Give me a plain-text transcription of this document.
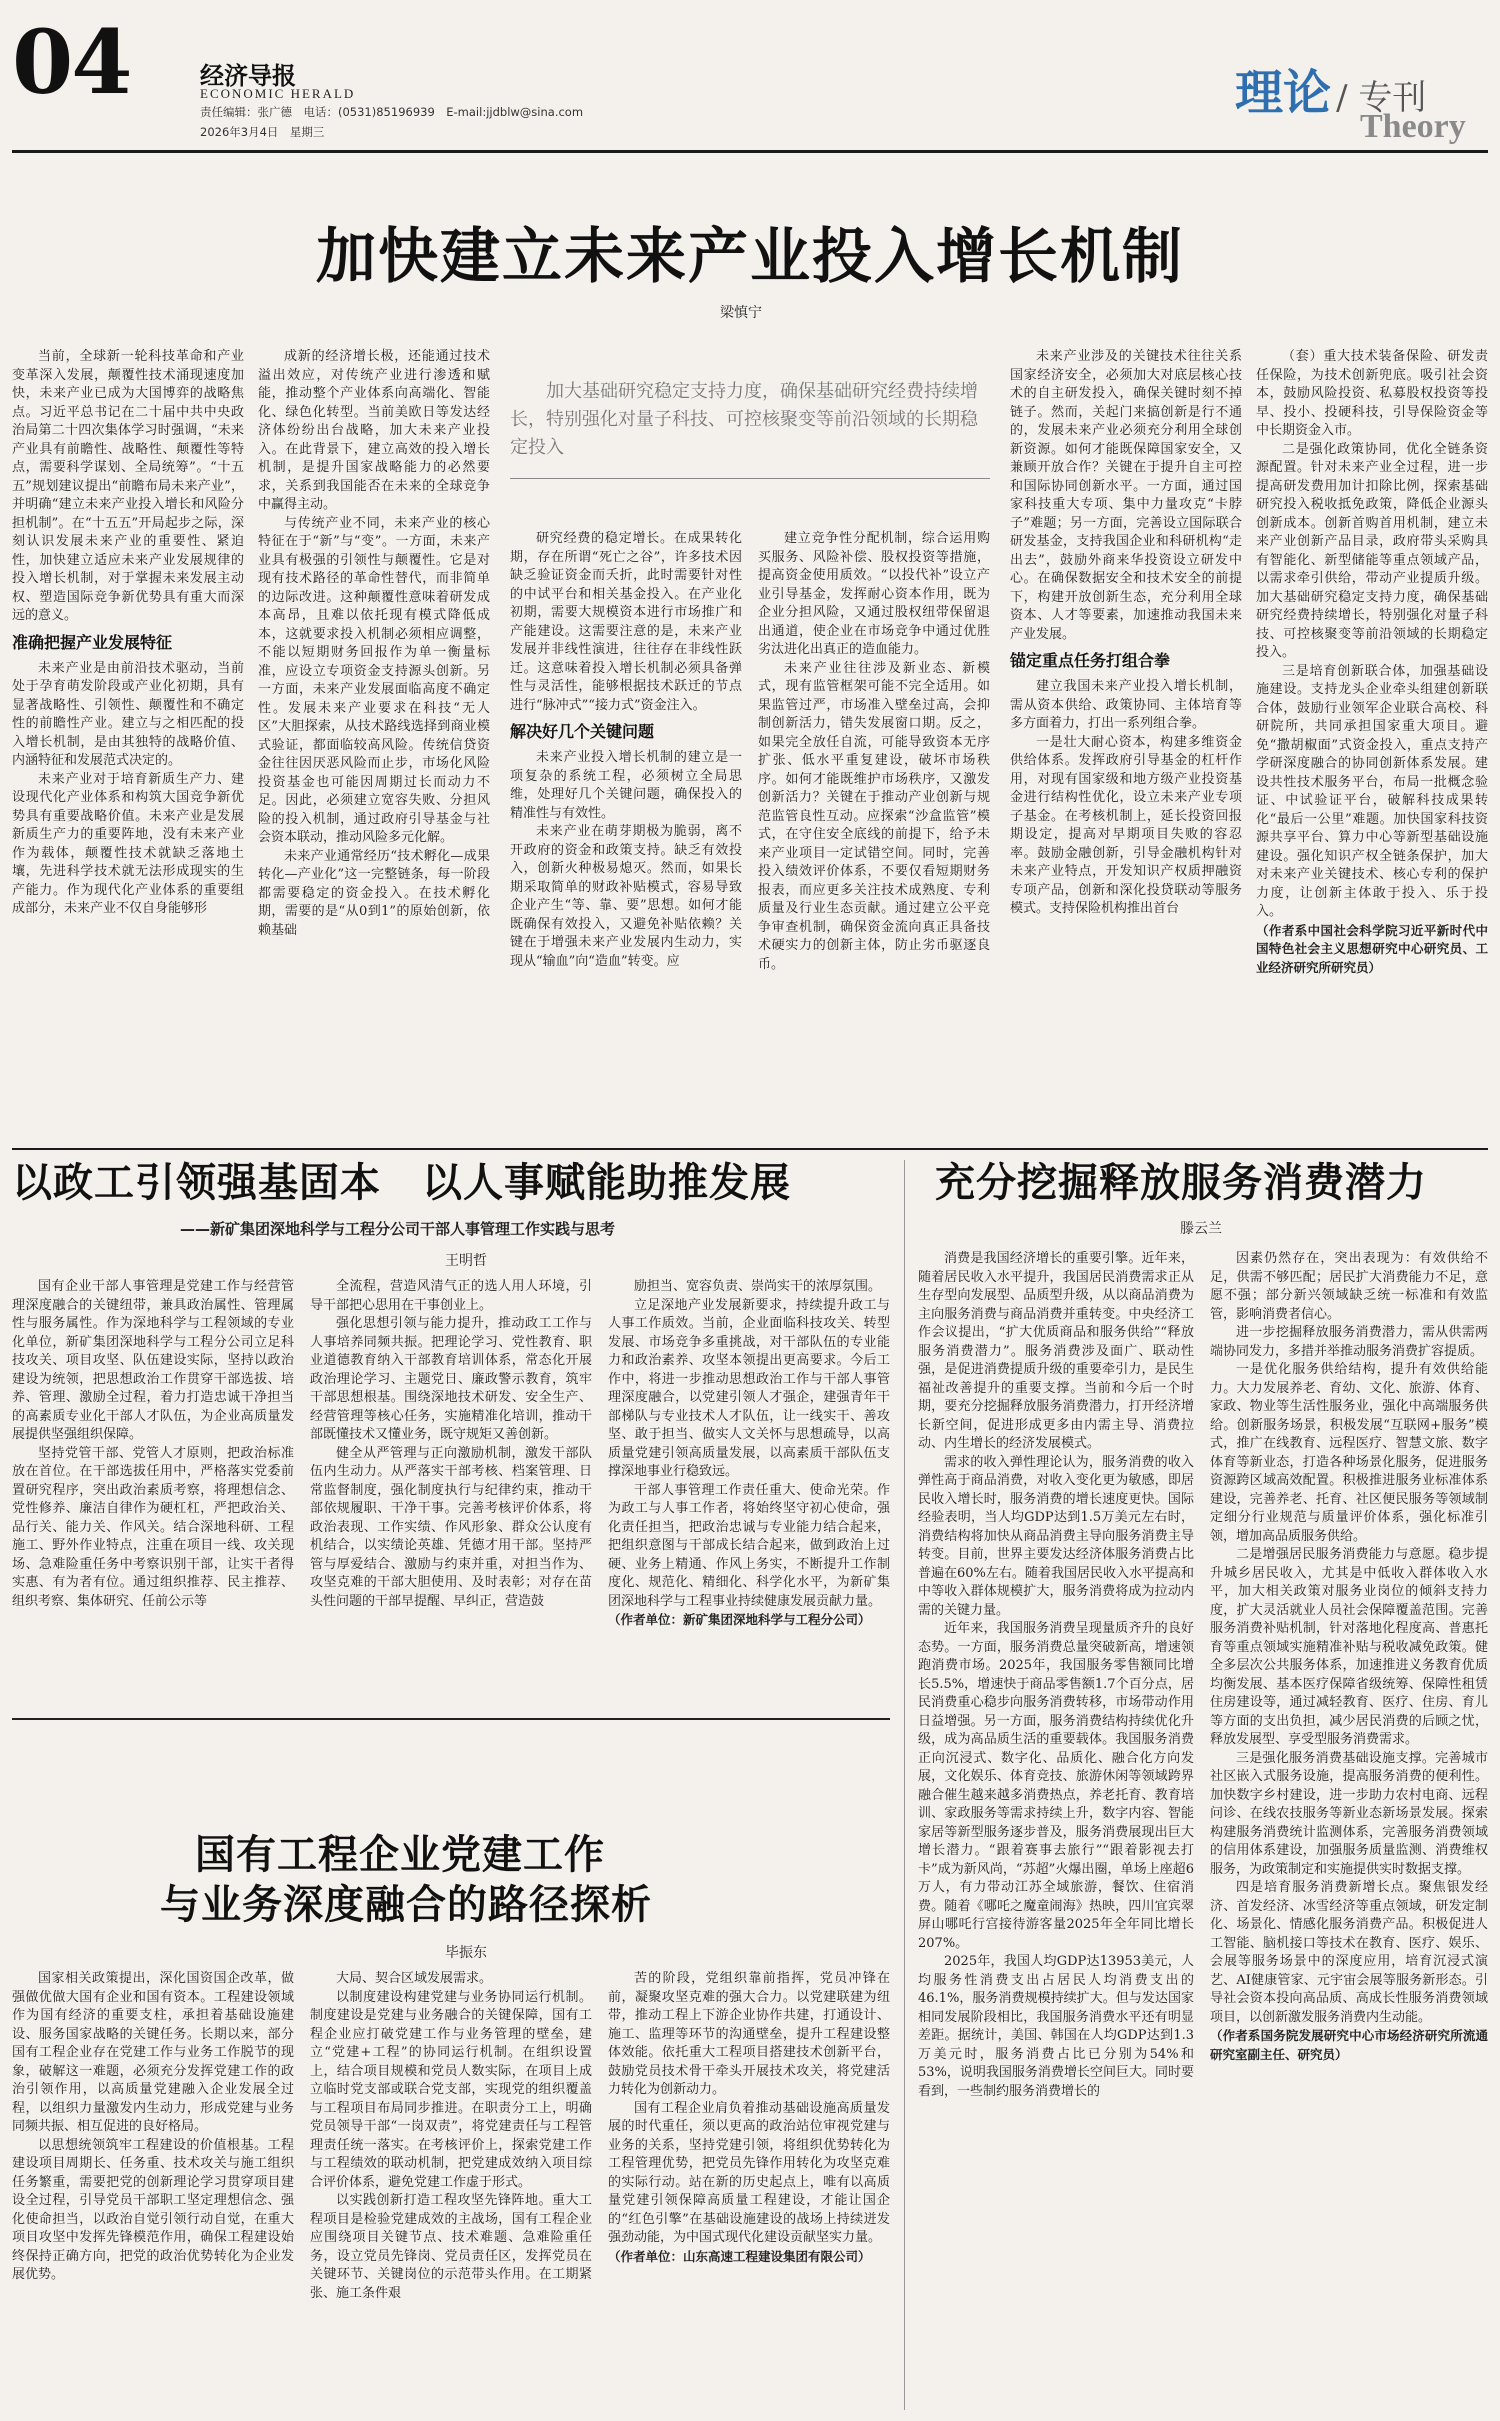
04	经济导报
ECONOMIC HERALD
责任编辑：张广德　电话：(0531)85196939　E-mail:jjdblw@sina.com
2026年3月4日　星期三
理论 / 专刊
Theory
加快建立未来产业投入增长机制
梁慎宁
加大基础研究稳定支持力度，确保基础研究经费持续增长，特别强化对量子科技、可控核聚变等前沿领域的长期稳定投入

当前，全球新一轮科技革命和产业变革深入发展，颠覆性技术涌现速度加快，未来产业已成为大国博弈的战略焦点。习近平总书记在二十届中共中央政治局第二十四次集体学习时强调，“未来产业具有前瞻性、战略性、颠覆性等特点，需要科学谋划、全局统筹”。“十五五”规划建议提出“前瞻布局未来产业”，并明确“建立未来产业投入增长和风险分担机制”。在“十五五”开局起步之际，深刻认识发展未来产业的重要性、紧迫性，加快建立适应未来产业发展规律的投入增长机制，对于掌握未来发展主动权、塑造国际竞争新优势具有重大而深远的意义。

准确把握产业发展特征

未来产业是由前沿技术驱动，当前处于孕育萌发阶段或产业化初期，具有显著战略性、引领性、颠覆性和不确定性的前瞻性产业。建立与之相匹配的投入增长机制，是由其独特的战略价值、内涵特征和发展范式决定的。

未来产业对于培育新质生产力、建设现代化产业体系和构筑大国竞争新优势具有重要战略价值。未来产业是发展新质生产力的重要阵地，没有未来产业作为载体，颠覆性技术就缺乏落地土壤，先进科学技术就无法形成现实的生产能力。作为现代化产业体系的重要组成部分，未来产业不仅自身能够形

成新的经济增长极，还能通过技术溢出效应，对传统产业进行渗透和赋能，推动整个产业体系向高端化、智能化、绿色化转型。当前美欧日等发达经济体纷纷出台战略，加大未来产业投入。在此背景下，建立高效的投入增长机制，是提升国家战略能力的必然要求，关系到我国能否在未来的全球竞争中赢得主动。

与传统产业不同，未来产业的核心特征在于“新”与“变”。一方面，未来产业具有极强的引领性与颠覆性。它是对现有技术路径的革命性替代，而非简单的边际改进。这种颠覆性意味着研发成本高昂，且难以依托现有模式降低成本，这就要求投入机制必须相应调整，不能以短期财务回报作为单一衡量标准，应设立专项资金支持源头创新。另一方面，未来产业发展面临高度不确定性。发展未来产业要求在科技“无人区”大胆探索，从技术路线选择到商业模式验证，都面临较高风险。传统信贷资金往往因厌恶风险而止步，市场化风险投资基金也可能因周期过长而动力不足。因此，必须建立宽容失败、分担风险的投入机制，通过政府引导基金与社会资本联动，推动风险多元化解。

未来产业通常经历“技术孵化—成果转化—产业化”这一完整链条，每一阶段都需要稳定的资金投入。在技术孵化期，需要的是“从0到1”的原始创新，依赖基础

研究经费的稳定增长。在成果转化期，存在所谓“死亡之谷”，许多技术因缺乏验证资金而夭折，此时需要针对性的中试平台和相关基金投入。在产业化初期，需要大规模资本进行市场推广和产能建设。这需要注意的是，未来产业发展并非线性演进，往往存在非线性跃迁。这意味着投入增长机制必须具备弹性与灵活性，能够根据技术跃迁的节点进行“脉冲式”“接力式”资金注入。

解决好几个关键问题

未来产业投入增长机制的建立是一项复杂的系统工程，必须树立全局思维，处理好几个关键问题，确保投入的精准性与有效性。

未来产业在萌芽期极为脆弱，离不开政府的资金和政策支持。缺乏有效投入，创新火种极易熄灭。然而，如果长期采取简单的财政补贴模式，容易导致企业产生“等、靠、要”思想。如何才能既确保有效投入，又避免补贴依赖？关键在于增强未来产业发展内生动力，实现从“输血”向“造血”转变。应

建立竞争性分配机制，综合运用购买服务、风险补偿、股权投资等措施，提高资金使用质效。“以投代补”设立产业引导基金，发挥耐心资本作用，既为企业分担风险，又通过股权纽带保留退出通道，使企业在市场竞争中通过优胜劣汰进化出真正的造血能力。

未来产业往往涉及新业态、新模式，现有监管框架可能不完全适用。如果监管过严，市场准入壁垒过高，会抑制创新活力，错失发展窗口期。反之，如果完全放任自流，可能导致资本无序扩张、低水平重复建设，破坏市场秩序。如何才能既维护市场秩序，又激发创新活力？关键在于推动产业创新与规范监管良性互动。应探索“沙盒监管”模式，在守住安全底线的前提下，给予未来产业项目一定试错空间。同时，完善投入绩效评价体系，不要仅看短期财务报表，而应更多关注技术成熟度、专利质量及行业生态贡献。通过建立公平竞争审查机制，确保资金流向真正具备技术硬实力的创新主体，防止劣币驱逐良币。

未来产业涉及的关键技术往往关系国家经济安全，必须加大对底层核心技术的自主研发投入，确保关键时刻不掉链子。然而，关起门来搞创新是行不通的，发展未来产业必须充分利用全球创新资源。如何才能既保障国家安全，又兼顾开放合作？关键在于提升自主可控和国际协同创新水平。一方面，通过国家科技重大专项、集中力量攻克“卡脖子”难题；另一方面，完善设立国际联合研发基金，支持我国企业和科研机构“走出去”，鼓励外商来华投资设立研发中心。在确保数据安全和技术安全的前提下，构建开放创新生态，充分利用全球资本、人才等要素，加速推动我国未来产业发展。

锚定重点任务打组合拳

建立我国未来产业投入增长机制，需从资本供给、政策协同、主体培育等多方面着力，打出一系列组合拳。

一是壮大耐心资本，构建多维资金供给体系。发挥政府引导基金的杠杆作用，对现有国家级和地方级产业投资基金进行结构性优化，设立未来产业专项子基金。在考核机制上，延长投资回报期设定，提高对早期项目失败的容忍率。鼓励金融创新，引导金融机构针对未来产业特点，开发知识产权质押融资专项产品，创新和深化投贷联动等服务模式。支持保险机构推出首台

（套）重大技术装备保险、研发责任保险，为技术创新兜底。吸引社会资本，鼓励风险投资、私募股权投资等投早、投小、投硬科技，引导保险资金等中长期资金入市。

二是强化政策协同，优化全链条资源配置。针对未来产业全过程，进一步提高研发费用加计扣除比例，探索基础研究投入税收抵免政策，降低企业源头创新成本。创新首购首用机制，建立未来产业创新产品目录，政府带头采购具有智能化、新型储能等重点领域产品，以需求牵引供给，带动产业提质升级。加大基础研究稳定支持力度，确保基础研究经费持续增长，特别强化对量子科技、可控核聚变等前沿领域的长期稳定投入。

三是培育创新联合体，加强基础设施建设。支持龙头企业牵头组建创新联合体，鼓励行业领军企业联合高校、科研院所，共同承担国家重大项目。避免“撒胡椒面”式资金投入，重点支持产学研深度融合的协同创新体系发展。建设共性技术服务平台，布局一批概念验证、中试验证平台，破解科技成果转化“最后一公里”难题。加快国家科技资源共享平台、算力中心等新型基础设施建设。强化知识产权全链条保护，加大对未来产业关键技术、核心专利的保护力度，让创新主体敢于投入、乐于投入。

（作者系中国社会科学院习近平新时代中国特色社会主义思想研究中心研究员、工业经济研究所研究员）

以政工引领强基固本　以人事赋能助推发展
——新矿集团深地科学与工程分公司干部人事管理工作实践与思考
王明哲

国有企业干部人事管理是党建工作与经营管理深度融合的关键纽带，兼具政治属性、管理属性与服务属性。作为深地科学与工程领域的专业化单位，新矿集团深地科学与工程分公司立足科技攻关、项目攻坚、队伍建设实际，坚持以政治建设为统领，把思想政治工作贯穿干部选拔、培养、管理、激励全过程，着力打造忠诚干净担当的高素质专业化干部人才队伍，为企业高质量发展提供坚强组织保障。

坚持党管干部、党管人才原则，把政治标准放在首位。在干部选拔任用中，严格落实党委前置研究程序，突出政治素质考察，将理想信念、党性修养、廉洁自律作为硬杠杠，严把政治关、品行关、能力关、作风关。结合深地科研、工程施工、野外作业特点，注重在项目一线、攻关现场、急难险重任务中考察识别干部，让实干者得实惠、有为者有位。通过组织推荐、民主推荐、组织考察、集体研究、任前公示等

全流程，营造风清气正的选人用人环境，引导干部把心思用在干事创业上。

强化思想引领与能力提升，推动政工工作与人事培养同频共振。把理论学习、党性教育、职业道德教育纳入干部教育培训体系，常态化开展政治理论学习、主题党日、廉政警示教育，筑牢干部思想根基。围绕深地技术研发、安全生产、经营管理等核心任务，实施精准化培训，推动干部既懂技术又懂业务，既守规矩又善创新。

健全从严管理与正向激励机制，激发干部队伍内生动力。从严落实干部考核、档案管理、日常监督制度，强化制度执行与纪律约束，推动干部依规履职、干净干事。完善考核评价体系，将政治表现、工作实绩、作风形象、群众公认度有机结合，以实绩论英雄、凭德才用干部。坚持严管与厚爱结合、激励与约束并重，对担当作为、攻坚克难的干部大胆使用、及时表彰；对存在苗头性问题的干部早提醒、早纠正，营造鼓

励担当、宽容负责、崇尚实干的浓厚氛围。

立足深地产业发展新要求，持续提升政工与人事工作质效。当前，企业面临科技攻关、转型发展、市场竞争多重挑战，对干部队伍的专业能力和政治素养、攻坚本领提出更高要求。今后工作中，将进一步推动思想政治工作与干部人事管理深度融合，以党建引领人才强企，建强青年干部梯队与专业技术人才队伍，让一线实干、善攻坚、敢于担当、做实人文关怀与思想疏导，以高质量党建引领高质量发展，以高素质干部队伍支撑深地事业行稳致远。

干部人事管理工作责任重大、使命光荣。作为政工与人事工作者，将始终坚守初心使命，强化责任担当，把政治忠诚与专业能力结合起来，把组织意图与干部成长结合起来，做到政治上过硬、业务上精通、作风上务实，不断提升工作制度化、规范化、精细化、科学化水平，为新矿集团深地科学与工程事业持续健康发展贡献力量。

（作者单位：新矿集团深地科学与工程分公司）

国有工程企业党建工作
与业务深度融合的路径探析
毕振东

国家相关政策提出，深化国资国企改革，做强做优做大国有企业和国有资本。工程建设领域作为国有经济的重要支柱，承担着基础设施建设、服务国家战略的关键任务。长期以来，部分国有工程企业存在党建工作与业务工作脱节的现象，破解这一难题，必须充分发挥党建工作的政治引领作用，以高质量党建融入企业发展全过程，以组织力量激发内生动力，形成党建与业务同频共振、相互促进的良好格局。

以思想统领筑牢工程建设的价值根基。工程建设项目周期长、任务重、技术攻关与施工组织任务繁重，需要把党的创新理论学习贯穿项目建设全过程，引导党员干部职工坚定理想信念、强化使命担当，以政治自觉引领行动自觉，在重大项目攻坚中发挥先锋模范作用，确保工程建设始终保持正确方向，把党的政治优势转化为企业发展优势。

大局、契合区域发展需求。

以制度建设构建党建与业务协同运行机制。制度建设是党建与业务融合的关键保障，国有工程企业应打破党建工作与业务管理的壁垒，建立“党建+工程”的协同运行机制。在组织设置上，结合项目规模和党员人数实际，在项目上成立临时党支部或联合党支部，实现党的组织覆盖与工程项目布局同步推进。在职责分工上，明确党员领导干部“一岗双责”，将党建责任与工程管理责任统一落实。在考核评价上，探索党建工作与工程绩效的联动机制，把党建成效纳入项目综合评价体系，避免党建工作虚于形式。

以实践创新打造工程攻坚先锋阵地。重大工程项目是检验党建成效的主战场，国有工程企业应围绕项目关键节点、技术难题、急难险重任务，设立党员先锋岗、党员责任区，发挥党员在关键环节、关键岗位的示范带头作用。在工期紧张、施工条件艰

苦的阶段，党组织靠前指挥，党员冲锋在前，凝聚攻坚克难的强大合力。以党建联建为纽带，推动工程上下游企业协作共建，打通设计、施工、监理等环节的沟通壁垒，提升工程建设整体效能。依托重大工程项目搭建技术创新平台，鼓励党员技术骨干牵头开展技术攻关，将党建活力转化为创新动力。

国有工程企业肩负着推动基础设施高质量发展的时代重任，须以更高的政治站位审视党建与业务的关系，坚持党建引领，将组织优势转化为工程管理优势，把党员先锋作用转化为攻坚克难的实际行动。站在新的历史起点上，唯有以高质量党建引领保障高质量工程建设，才能让国企的“红色引擎”在基础设施建设的战场上持续迸发强劲动能，为中国式现代化建设贡献坚实力量。

（作者单位：山东高速工程建设集团有限公司）

充分挖掘释放服务消费潜力
滕云兰

消费是我国经济增长的重要引擎。近年来，随着居民收入水平提升，我国居民消费需求正从生存型向发展型、品质型升级，从以商品消费为主向服务消费与商品消费并重转变。中央经济工作会议提出，“扩大优质商品和服务供给”“释放服务消费潜力”。服务消费涉及面广、联动性强，是促进消费提质升级的重要牵引力，是民生福祉改善提升的重要支撑。当前和今后一个时期，要充分挖掘释放服务消费潜力，打开经济增长新空间，促进形成更多由内需主导、消费拉动、内生增长的经济发展模式。

需求的收入弹性理论认为，服务消费的收入弹性高于商品消费，对收入变化更为敏感，即居民收入增长时，服务消费的增长速度更快。国际经验表明，当人均GDP达到1.5万美元左右时，消费结构将加快从商品消费主导向服务消费主导转变。目前，世界主要发达经济体服务消费占比普遍在60%左右。随着我国居民收入水平提高和中等收入群体规模扩大，服务消费将成为拉动内需的关键力量。

近年来，我国服务消费呈现量质齐升的良好态势。一方面，服务消费总量突破新高，增速领跑消费市场。2025年，我国服务零售额同比增长5.5%，增速快于商品零售额1.7个百分点，居民消费重心稳步向服务消费转移，市场带动作用日益增强。另一方面，服务消费结构持续优化升级，成为高品质生活的重要载体。我国服务消费正向沉浸式、数字化、品质化、融合化方向发展，文化娱乐、体育竞技、旅游休闲等领域跨界融合催生越来越多消费热点，养老托育、教育培训、家政服务等需求持续上升，数字内容、智能家居等新型服务逐步普及，服务消费展现出巨大增长潜力。“跟着赛事去旅行”“跟着影视去打卡”成为新风尚，“苏超”火爆出圈，单场上座超6万人，有力带动江苏全域旅游，餐饮、住宿消费。随着《哪吒之魔童闹海》热映，四川宜宾翠屏山哪吒行宫接待游客量2025年全年同比增长207%。

2025年，我国人均GDP达13953美元，人均服务性消费支出占居民人均消费支出的46.1%，服务消费规模持续扩大。但与发达国家相同发展阶段相比，我国服务消费水平还有明显差距。据统计，美国、韩国在人均GDP达到1.3万美元时，服务消费占比已分别为54%和53%，说明我国服务消费增长空间巨大。同时要看到，一些制约服务消费增长的

因素仍然存在，突出表现为：有效供给不足，供需不够匹配；居民扩大消费能力不足，意愿不强；部分新兴领域缺乏统一标准和有效监管，影响消费者信心。

进一步挖掘释放服务消费潜力，需从供需两端协同发力，多措并举推动服务消费扩容提质。

一是优化服务供给结构，提升有效供给能力。大力发展养老、育幼、文化、旅游、体育、家政、物业等生活性服务业，强化中高端服务供给。创新服务场景，积极发展“互联网+服务”模式，推广在线教育、远程医疗、智慧文旅、数字体育等新业态，打造各种场景化服务，促进服务资源跨区域高效配置。积极推进服务业标准体系建设，完善养老、托育、社区便民服务等领域制定细分行业规范与质量评价体系，强化标准引领，增加高品质服务供给。

二是增强居民服务消费能力与意愿。稳步提升城乡居民收入，尤其是中低收入群体收入水平，加大相关政策对服务业岗位的倾斜支持力度，扩大灵活就业人员社会保障覆盖范围。完善服务消费补贴机制，针对落地化程度高、普惠托育等重点领域实施精准补贴与税收减免政策。健全多层次公共服务体系，加速推进义务教育优质均衡发展、基本医疗保障省级统筹、保障性租赁住房建设等，通过减轻教育、医疗、住房、育儿等方面的支出负担，减少居民消费的后顾之忧，释放发展型、享受型服务消费需求。

三是强化服务消费基础设施支撑。完善城市社区嵌入式服务设施，提高服务消费的便利性。加快数字乡村建设，进一步助力农村电商、远程问诊、在线农技服务等新业态新场景发展。探索构建服务消费统计监测体系，完善服务消费领域的信用体系建设，加强服务质量监测、消费维权服务，为政策制定和实施提供实时数据支撑。

四是培育服务消费新增长点。聚焦银发经济、首发经济、冰雪经济等重点领域，研发定制化、场景化、情感化服务消费产品。积极促进人工智能、脑机接口等技术在教育、医疗、娱乐、会展等服务场景中的深度应用，培育沉浸式演艺、AI健康管家、元宇宙会展等服务新形态。引导社会资本投向高品质、高成长性服务消费领域项目，以创新激发服务消费内生动能。

（作者系国务院发展研究中心市场经济研究所流通研究室副主任、研究员）
